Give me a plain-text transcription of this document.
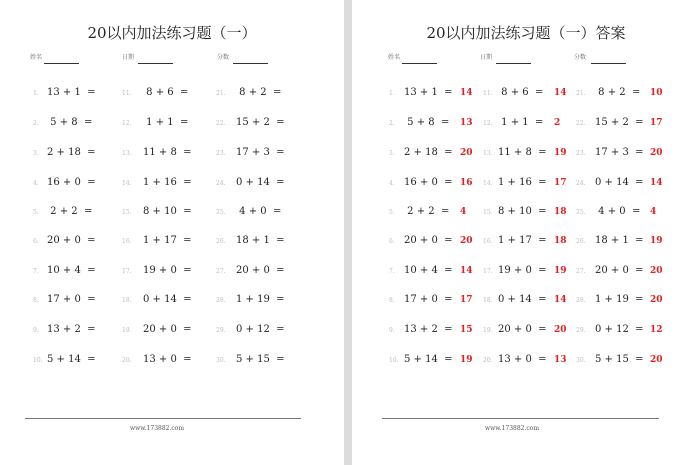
20以内加法练习题（一）
姓名	日期	分数
www.173882.com
1. 13 + 1  =
2. 5 + 8  =
3. 2 + 18  =
4. 16 + 0  =
5. 2 + 2  =
6. 20 + 0  =
7. 10 + 4  =
8. 17 + 0  =
9. 13 + 2  =
10. 5 + 14  =
11. 8 + 6  =
12. 1 + 1  =
13. 11 + 8  =
14. 1 + 16  =
15. 8 + 10  =
16. 1 + 17  =
17. 19 + 0  =
18. 0 + 14  =
19. 20 + 0  =
20. 13 + 0  =
21. 8 + 2  =
22. 15 + 2  =
23. 17 + 3  =
24. 0 + 14  =
25. 4 + 0  =
26. 18 + 1  =
27. 20 + 0  =
28. 1 + 19  =
29. 0 + 12  =
30. 5 + 15  =
20以内加法练习题（一）答案
姓名	日期	分数
www.173882.com
1. 13 + 1  = 14
2. 5 + 8  = 13
3. 2 + 18  = 20
4. 16 + 0  = 16
5. 2 + 2  = 4
6. 20 + 0  = 20
7. 10 + 4  = 14
8. 17 + 0  = 17
9. 13 + 2  = 15
10. 5 + 14  = 19
11. 8 + 6  = 14
12. 1 + 1  = 2
13. 11 + 8  = 19
14. 1 + 16  = 17
15. 8 + 10  = 18
16. 1 + 17  = 18
17. 19 + 0  = 19
18. 0 + 14  = 14
19. 20 + 0  = 20
20. 13 + 0  = 13
21. 8 + 2  = 10
22. 15 + 2  = 17
23. 17 + 3  = 20
24. 0 + 14  = 14
25. 4 + 0  = 4
26. 18 + 1  = 19
27. 20 + 0  = 20
28. 1 + 19  = 20
29. 0 + 12  = 12
30. 5 + 15  = 20
